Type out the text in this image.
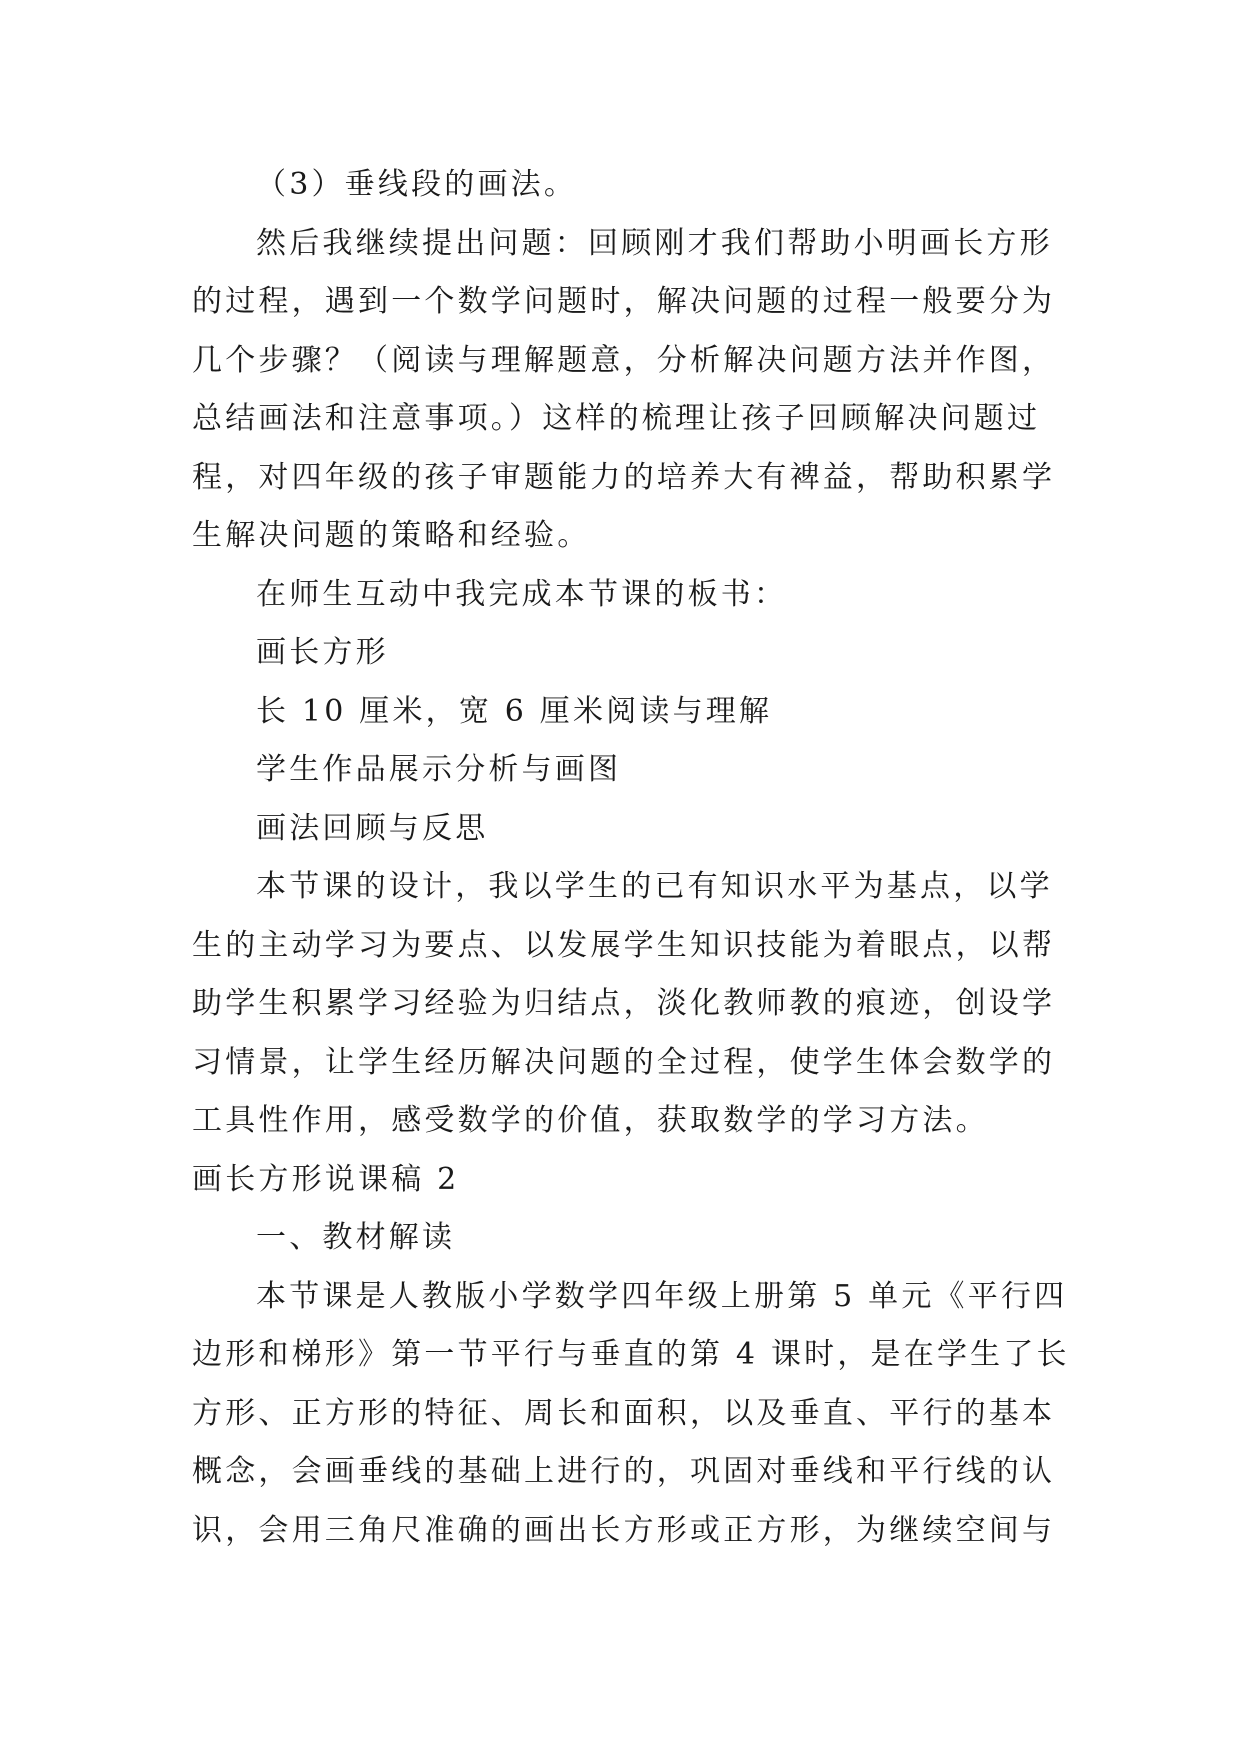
（3）垂线段的画法。

然后我继续提出问题：回顾刚才我们帮助小明画长方形

的过程，遇到一个数学问题时，解决问题的过程一般要分为

几个步骤？（阅读与理解题意，分析解决问题方法并作图，

总结画法和注意事项。）这样的梳理让孩子回顾解决问题过

程，对四年级的孩子审题能力的培养大有裨益，帮助积累学

生解决问题的策略和经验。

在师生互动中我完成本节课的板书：

画长方形

长 10 厘米，宽 6 厘米阅读与理解

学生作品展示分析与画图

画法回顾与反思

本节课的设计，我以学生的已有知识水平为基点，以学

生的主动学习为要点、以发展学生知识技能为着眼点，以帮

助学生积累学习经验为归结点，淡化教师教的痕迹，创设学

习情景，让学生经历解决问题的全过程，使学生体会数学的

工具性作用，感受数学的价值，获取数学的学习方法。

画长方形说课稿 2

一、教材解读

本节课是人教版小学数学四年级上册第 5 单元《平行四

边形和梯形》第一节平行与垂直的第 4 课时，是在学生了长

方形、正方形的特征、周长和面积，以及垂直、平行的基本

概念，会画垂线的基础上进行的，巩固对垂线和平行线的认

识，会用三角尺准确的画出长方形或正方形，为继续空间与
